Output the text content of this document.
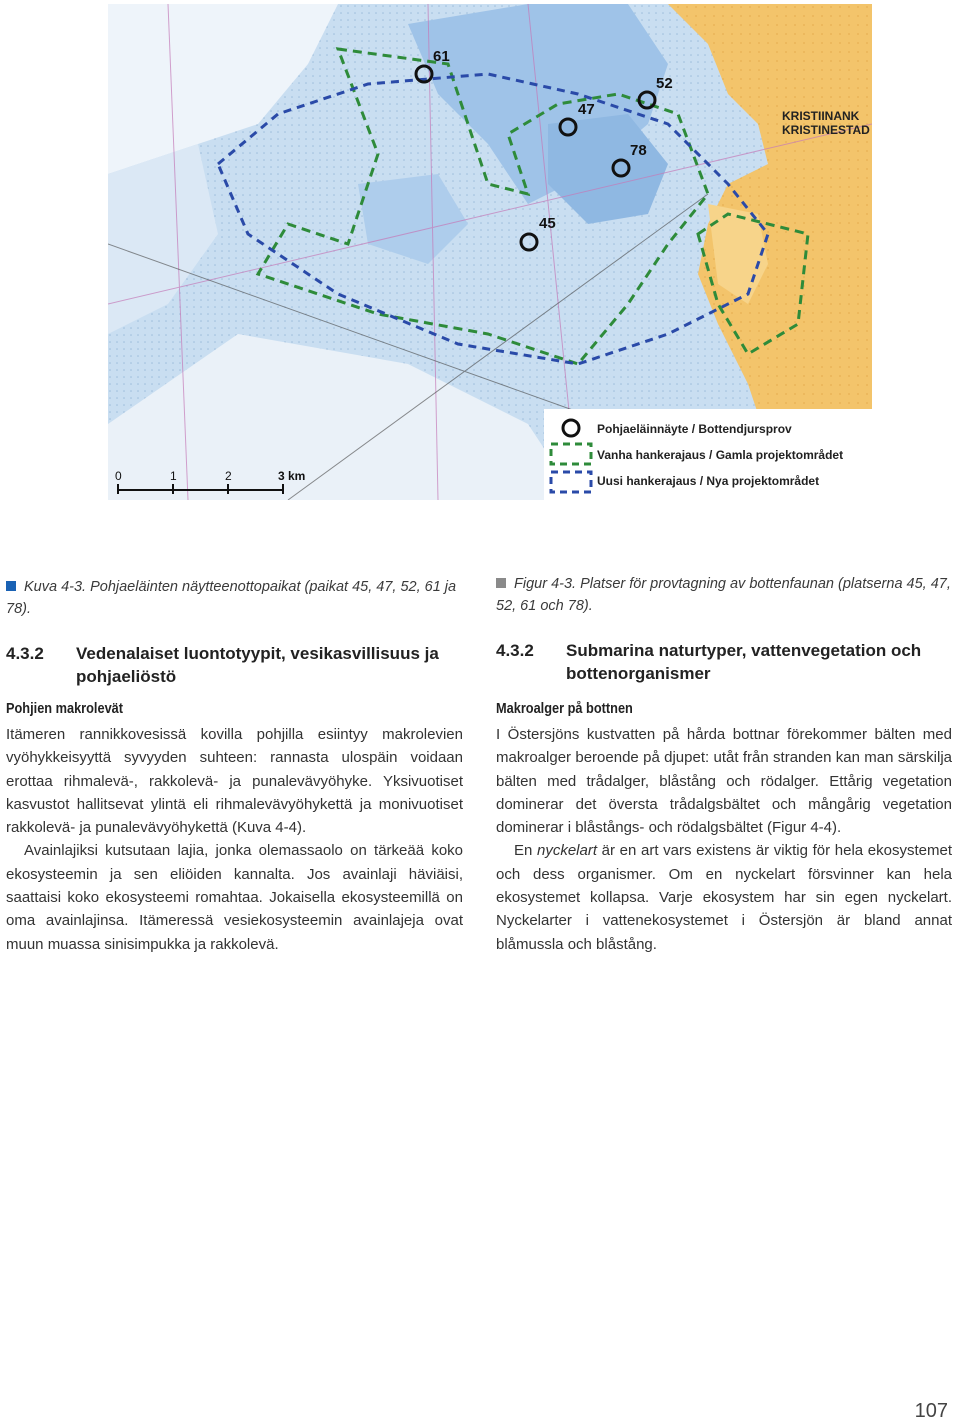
61
52
47
78
45
KRISTIINANK
KRISTINESTAD
0	1	2	3 km
Pohjaeläinnäyte / Bottendjursprov
Vanha hankerajaus / Gamla projektområdet
Uusi hankerajaus / Nya projektområdet
Kuva 4-3. Pohjaeläinten näytteenottopaikat (paikat 45, 47, 52, 61 ja 78).
4.3.2 Vedenalaiset luontotyypit, vesikasvillisuus ja pohjaeliöstö
Pohjien makrolevät

Itämeren rannikkovesissä kovilla pohjilla esiintyy makrolevien vyöhykkeisyyttä syvyyden suhteen: rannasta ulospäin voidaan erottaa rihmalevä-, rakkolevä- ja punalevävyöhyke. Yksivuotiset kasvustot hallitsevat ylintä eli rihmalevävyöhykettä ja monivuotiset rakkolevä- ja punalevävyöhykettä (Kuva 4-4).

Avainlajiksi kutsutaan lajia, jonka olemassaolo on tärkeää koko ekosysteemin ja sen eliöiden kannalta. Jos avainlaji häviäisi, saattaisi koko ekosysteemi romahtaa. Jokaisella ekosysteemillä on oma avainlajinsa. Itämeressä vesiekosysteemin avainlajeja ovat muun muassa sinisimpukka ja rakkolevä.

Figur 4-3. Platser för provtagning av bottenfaunan (platserna 45, 47, 52, 61 och 78).
4.3.2 Submarina naturtyper, vattenvegetation och bottenorganismer
Makroalger på bottnen

I Östersjöns kustvatten på hårda bottnar förekommer bälten med makroalger beroende på djupet: utåt från stranden kan man särskilja bälten med trådalger, blåstång och rödalger. Ettårig vegetation dominerar det översta trådalgsbältet och mångårig vegetation dominerar i blåstångs- och rödalgsbältet (Figur 4-4).

En nyckelart är en art vars existens är viktig för hela ekosystemet och dess organismer. Om en nyckelart försvinner kan hela ekosystemet kollapsa. Varje ekosystem har sin egen nyckelart. Nyckelarter i vattenekosystemet i Östersjön är bland annat blåmussla och blåstång.

107
